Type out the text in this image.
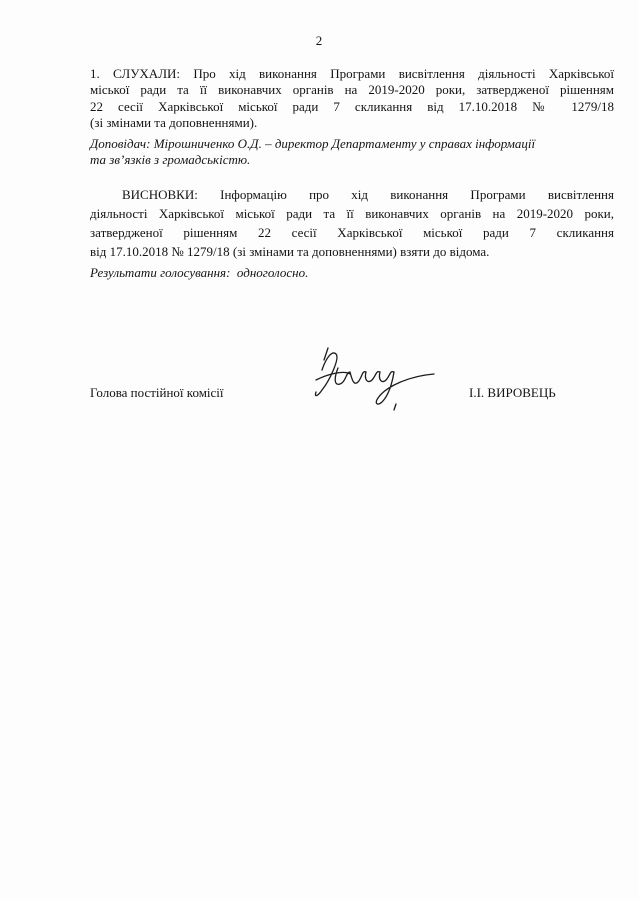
2
1. СЛУХАЛИ: Про хід виконання Програми висвітлення діяльності Харківської
міської ради та її виконавчих органів на 2019-2020 роки, затвердженої рішенням
22 сесії Харківської міської ради 7 скликання від 17.10.2018 № 1279/18
(зі змінами та доповненнями).
Доповідач: Мірошниченко О.Д. – директор Департаменту у справах інформації
та зв’язків з громадськістю.
ВИСНОВКИ: Інформацію про хід виконання Програми висвітлення
діяльності Харківської міської ради та її виконавчих органів на 2019-2020 роки,
затвердженої рішенням 22 сесії Харківської міської ради 7 скликання
від 17.10.2018 № 1279/18 (зі змінами та доповненнями) взяти до відома.
Результати голосування:  одноголосно.
Голова постійної комісії	І.І. ВИРОВЕЦЬ
